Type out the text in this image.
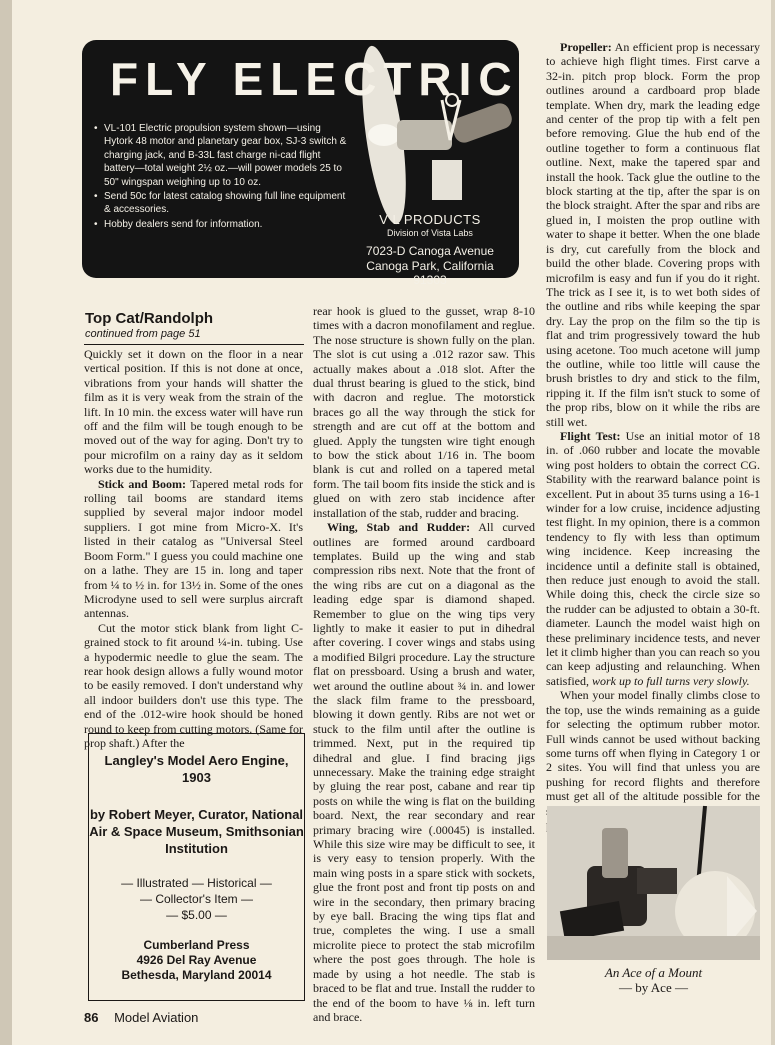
FLY ELECTRIC
• VL-101 Electric propulsion system shown—using Hytork 48 motor and planetary gear box, SJ-3 switch & charging jack, and B-33L fast charge ni-cad flight battery—total weight 2½ oz.—will power models 25 to 50" wingspan weighing up to 10 oz.
• Send 50c for latest catalog showing full line equipment & accessories.
• Hobby dealers send for information.	V L PRODUCTS
Division of Vista Labs
7023-D Canoga Avenue
Canoga Park, California 91303
Top Cat/Randolph
continued from page 51

Quickly set it down on the floor in a near vertical position. If this is not done at once, vibrations from your hands will shatter the film as it is very weak from the strain of the lift. In 10 min. the excess water will have run off and the film will be tough enough to be moved out of the way for aging. Don't try to pour microfilm on a rainy day as it seldom works due to the humidity.

Stick and Boom: Tapered metal rods for rolling tail booms are standard items supplied by several major indoor model suppliers. I got mine from Micro-X. It's listed in their catalog as "Universal Steel Boom Form." I guess you could machine one on a lathe. They are 15 in. long and taper from ¼ to ½ in. for 13½ in. Some of the ones Microdyne used to sell were surplus aircraft antennas.

Cut the motor stick blank from light C-grained stock to fit around ¼-in. tubing. Use a hypodermic needle to glue the seam. The rear hook design allows a fully wound motor to be easily removed. I don't understand why all indoor builders don't use this type. The end of the .012-wire hook should be honed round to keep from cutting motors. (Same for prop shaft.) After the

rear hook is glued to the gusset, wrap 8-10 times with a dacron monofilament and reglue. The nose structure is shown fully on the plan. The slot is cut using a .012 razor saw. This actually makes about a .018 slot. After the dual thrust bearing is glued to the stick, bind with dacron and reglue. The motorstick braces go all the way through the stick for strength and are cut off at the bottom and glued. Apply the tungsten wire tight enough to bow the stick about 1/16 in. The boom blank is cut and rolled on a tapered metal form. The tail boom fits inside the stick and is glued on with zero stab incidence after installation of the stab, rudder and bracing.

Wing, Stab and Rudder: All curved outlines are formed around cardboard templates. Build up the wing and stab compression ribs next. Note that the front of the wing ribs are cut on a diagonal as the leading edge spar is diamond shaped. Remember to glue on the wing tips very lightly to make it easier to put in dihedral after covering. I cover wings and stabs using a modified Bilgri procedure. Lay the structure flat on pressboard. Using a brush and water, wet around the outline about ¾ in. and lower the slack film frame to the pressboard, blowing it down gently. Ribs are not wet or stuck to the film until after the outline is trimmed. Next, put in the required tip dihedral and glue. I find bracing jigs unnecessary. Make the training edge straight by gluing the rear post, cabane and rear tip posts on while the wing is flat on the building board. Next, the rear secondary and rear primary bracing wire (.00045) is installed. While this size wire may be difficult to see, it is very easy to tension properly. With the main wing posts in a spare stick with sockets, glue the front post and front tip posts on and wire in the secondary, then primary bracing by eye ball. Bracing the wing tips flat and true, completes the wing. I use a small microlite piece to protect the stab microfilm where the post goes through. The hole is made by using a hot needle. The stab is braced to be flat and true. Install the rudder to the end of the boom to have ⅛ in. left turn and brace.

Propeller: An efficient prop is necessary to achieve high flight times. First carve a 32-in. pitch prop block. Form the prop outlines around a cardboard prop blade template. When dry, mark the leading edge and center of the prop tip with a felt pen before removing. Glue the hub end of the outline together to form a continuous flat outline. Next, make the tapered spar and install the hook. Tack glue the outline to the block starting at the tip, after the spar is on the block straight. After the spar and ribs are glued in, I moisten the prop outline with water to shape it better. When the one blade is dry, cut carefully from the block and build the other blade. Covering props with microfilm is easy and fun if you do it right. The trick as I see it, is to wet both sides of the outline and ribs while keeping the spar dry. Lay the prop on the film so the tip is flat and trim progressively toward the hub using acetone. Too much acetone will jump the outline, while too little will cause the brush bristles to dry and stick to the film, ripping it. If the film isn't stuck to some of the prop ribs, blow on it while the ribs are still wet.

Flight Test: Use an initial motor of 18 in. of .060 rubber and locate the movable wing post holders to obtain the correct CG. Stability with the rearward balance point is excellent. Put in about 35 turns using a 16-1 winder for a low cruise, incidence adjusting test flight. In my opinion, there is a common tendency to fly with less than optimum wing incidence. Keep increasing the incidence until a definite stall is obtained, then reduce just enough to avoid the stall. While doing this, check the circle size so the rudder can be adjusted to obtain a 30-ft. diameter. Launch the model waist high on these preliminary incidence tests, and never let it climb higher than you can reach so you can keep adjusting and relaunching. When satisfied, work up to full turns very slowly.

When your model finally climbs close to the top, use the winds remaining as a guide for selecting the optimum rubber motor. Full winds cannot be used without backing some turns off when flying in Category 1 or 2 sites. You will find that unless you are pushing for record flights and therefore must get all of the altitude possible for the

Langley's Model Aero Engine,
1903
by Robert Meyer, Curator, National Air & Space Museum, Smithsonian Institution
— Illustrated — Historical —
— Collector's Item —
— $5.00 —
Cumberland Press
4926 Del Ray Avenue
Bethesda, Maryland 20014	An Ace of a Mount
— by Ace —
86 Model Aviation
